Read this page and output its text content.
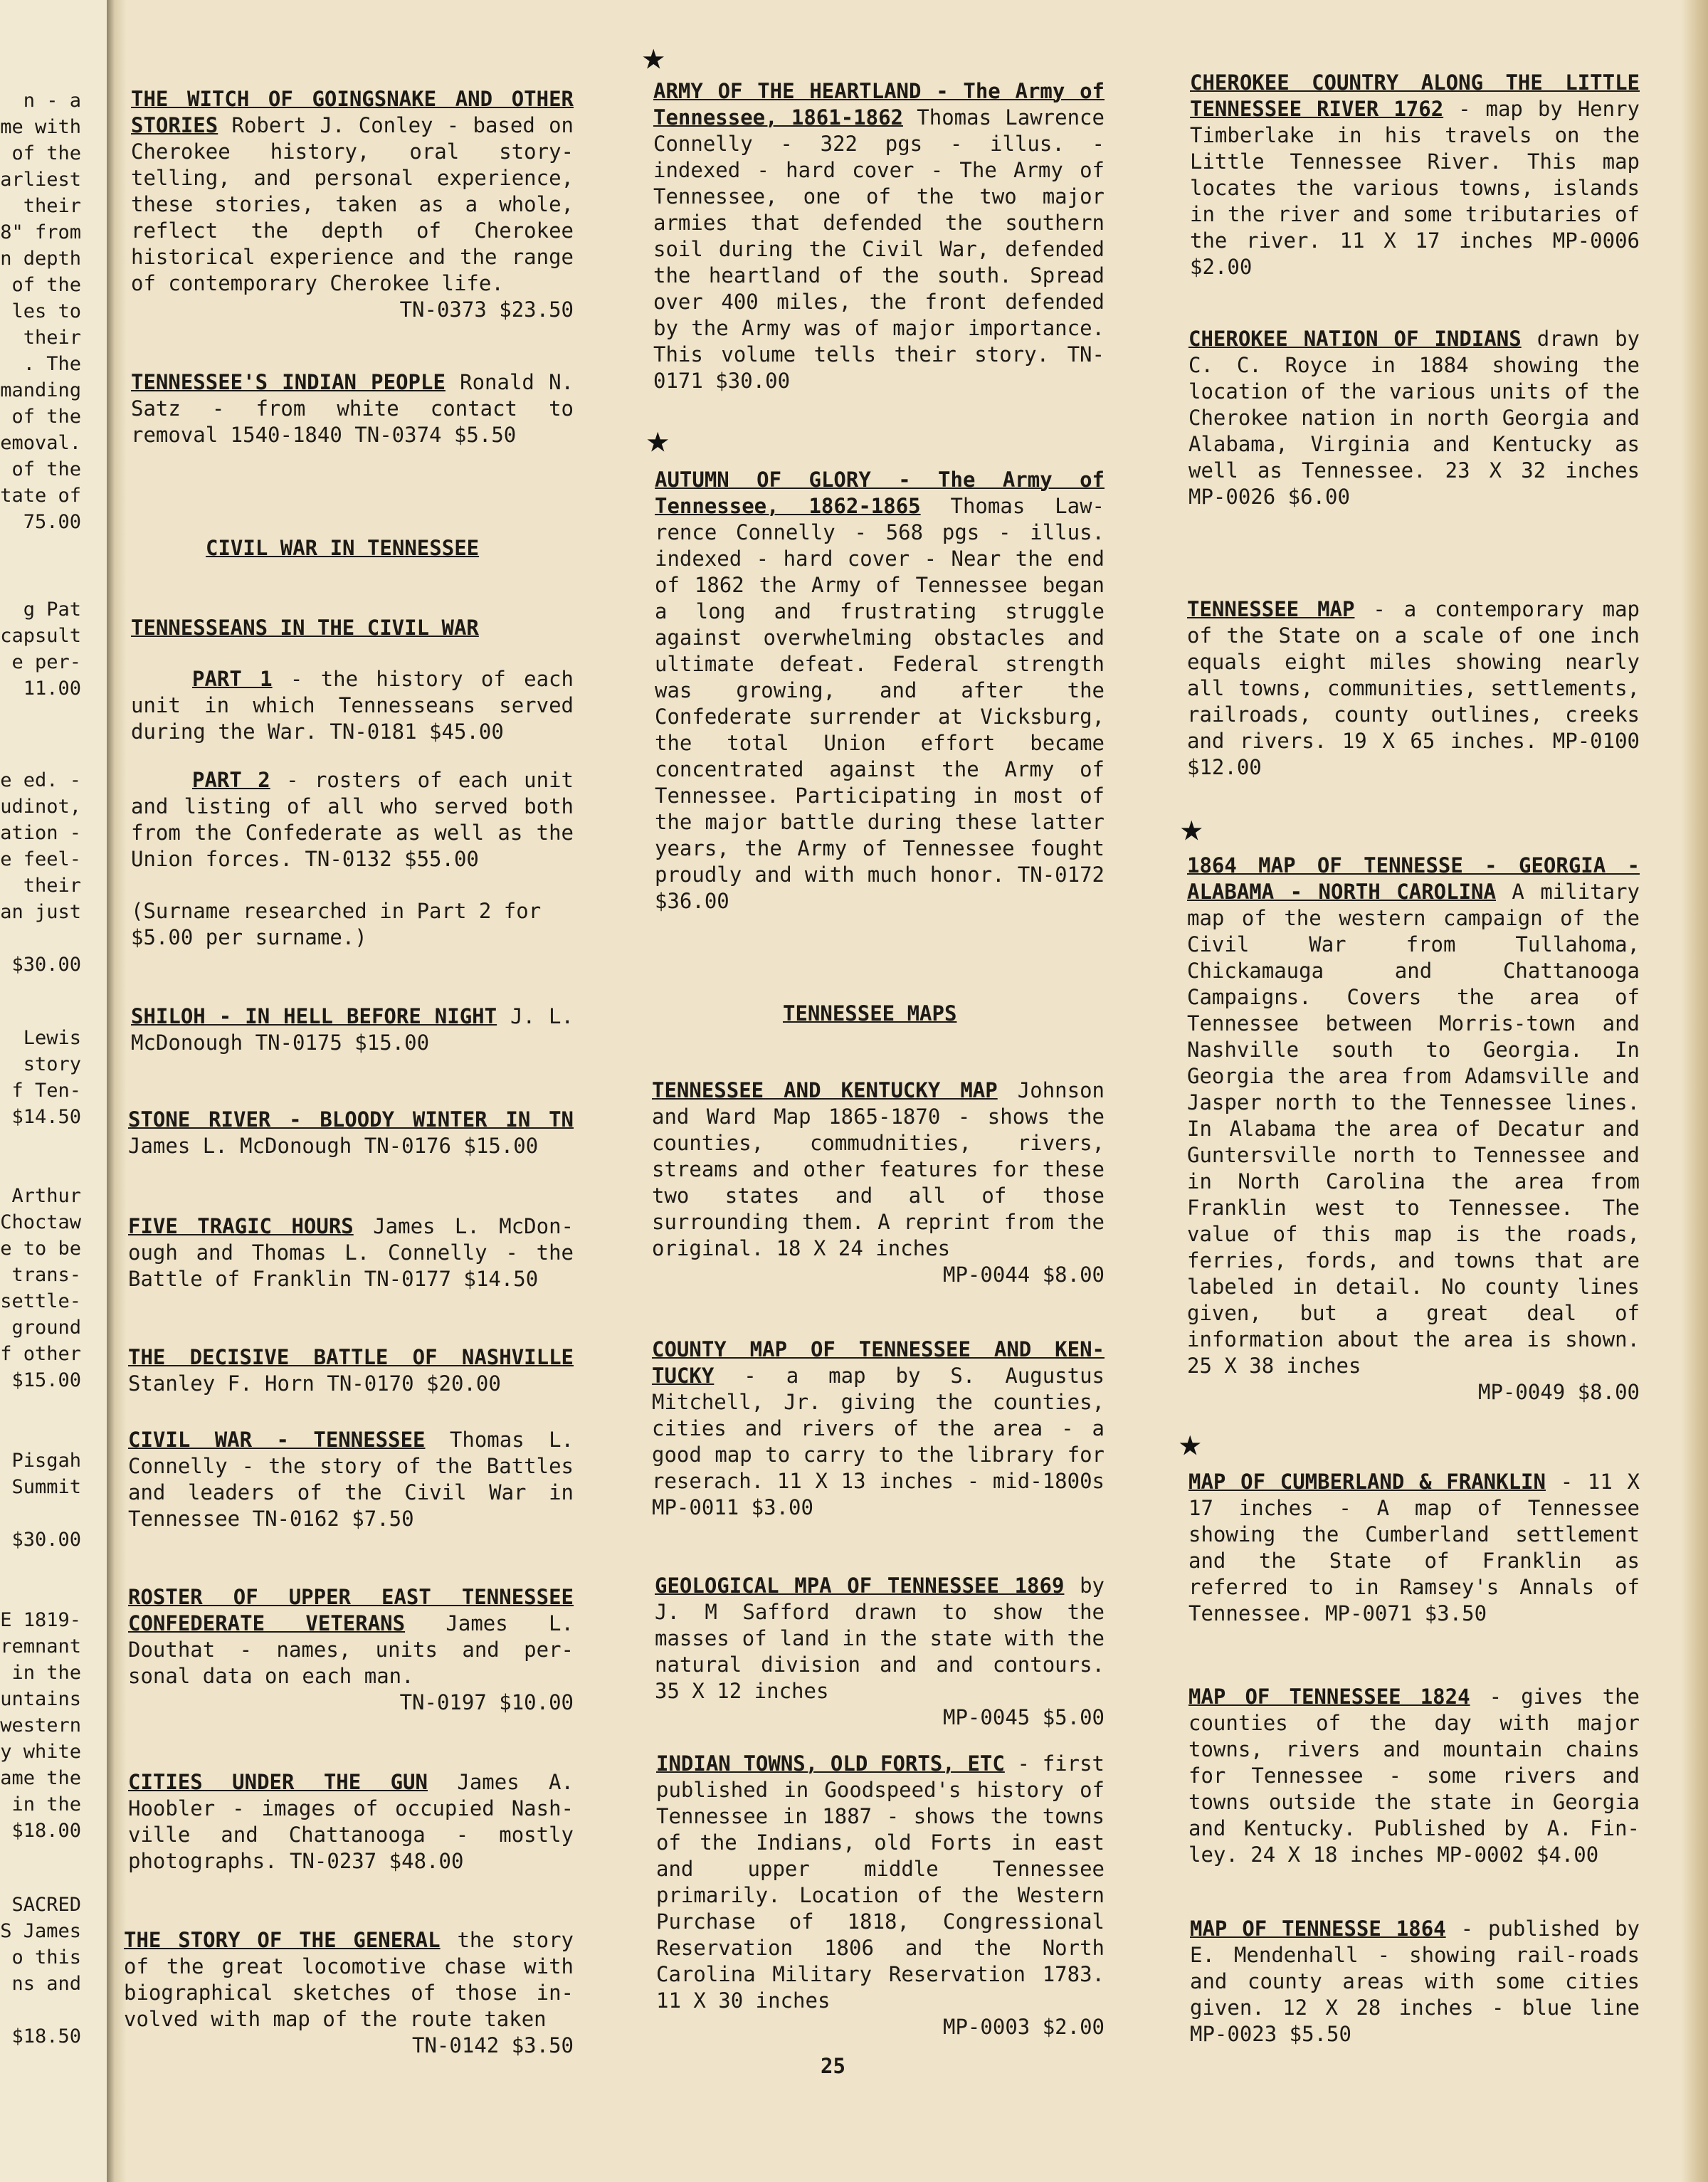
n - a
me with
of the
arliest
their
8" from
n depth
of the
les to
their
. The
manding
of the
emoval.
of the
tate of
75.00
g Pat
capsult
e per-
11.00
e ed. -
udinot,
ation -
e feel-
their
an just

$30.00
Lewis
story
f Ten-
$14.50
Arthur
Choctaw
e to be
trans-
settle-
ground
f other
$15.00
Pisgah
Summit

$30.00
E 1819-
remnant
in the
untains
western
y white
ame the
in the
$18.00
SACRED
S James
o this
ns and

$18.50
THE WITCH OF GOINGSNAKE AND OTHER STORIES Robert J. Conley - based on Cherokee history, oral story-telling, and personal experience, these stories, taken as a whole, reflect the depth of Cherokee historical experience and the range of contemporary Cherokee life.
TN-0373 $23.50
TENNESSEE'S INDIAN PEOPLE Ronald N. Satz - from white contact to removal 1540-1840 TN-0374 $5.50
CIVIL WAR IN TENNESSEE
TENNESSEANS IN THE CIVIL WAR
PART 1 - the history of each unit in which Tennesseans served during the War. TN-0181 $45.00
PART 2 - rosters of each unit and listing of all who served both from the Confederate as well as the Union forces. TN-0132 $55.00
(Surname researched in Part 2 for $5.00 per surname.)
SHILOH - IN HELL BEFORE NIGHT J. L. McDonough TN-0175 $15.00
STONE RIVER - BLOODY WINTER IN TN James L. McDonough TN-0176 $15.00
FIVE TRAGIC HOURS James L. McDon-ough and Thomas L. Connelly - the Battle of Franklin TN-0177 $14.50
THE DECISIVE BATTLE OF NASHVILLE Stanley F. Horn TN-0170 $20.00
CIVIL WAR - TENNESSEE Thomas L. Connelly - the story of the Battles and leaders of the Civil War in Tennessee TN-0162 $7.50
ROSTER OF UPPER EAST TENNESSEE CONFEDERATE VETERANS James L. Douthat - names, units and per-sonal data on each man.
TN-0197 $10.00
CITIES UNDER THE GUN James A. Hoobler - images of occupied Nash-ville and Chattanooga - mostly photographs. TN-0237 $48.00
THE STORY OF THE GENERAL the story of the great locomotive chase with biographical sketches of those in-volved with map of the route taken
TN-0142 $3.50
★
ARMY OF THE HEARTLAND - The Army of Tennessee, 1861-1862 Thomas Lawrence Connelly - 322 pgs - illus. - indexed - hard cover - The Army of Tennessee, one of the two major armies that defended the southern soil during the Civil War, defended the heartland of the south. Spread over 400 miles, the front defended by the Army was of major importance. This volume tells their story. TN-0171 $30.00
★
AUTUMN OF GLORY - The Army of Tennessee, 1862-1865 Thomas Law-rence Connelly - 568 pgs - illus. indexed - hard cover - Near the end of 1862 the Army of Tennessee began a long and frustrating struggle against overwhelming obstacles and ultimate defeat. Federal strength was growing, and after the Confederate surrender at Vicksburg, the total Union effort became concentrated against the Army of Tennessee. Participating in most of the major battle during these latter years, the Army of Tennessee fought proudly and with much honor. TN-0172 $36.00
TENNESSEE MAPS
TENNESSEE AND KENTUCKY MAP Johnson and Ward Map 1865-1870 - shows the counties, commudnities, rivers, streams and other features for these two states and all of those surrounding them. A reprint from the original. 18 X 24 inches
MP-0044 $8.00
COUNTY MAP OF TENNESSEE AND KEN-TUCKY - a map by S. Augustus Mitchell, Jr. giving the counties, cities and rivers of the area - a good map to carry to the library for reserach. 11 X 13 inches - mid-1800s MP-0011 $3.00
GEOLOGICAL MPA OF TENNESSEE 1869 by J. M Safford drawn to show the masses of land in the state with the natural division and and contours. 35 X 12 inches
MP-0045 $5.00
INDIAN TOWNS, OLD FORTS, ETC - first published in Goodspeed's history of Tennessee in 1887 - shows the towns of the Indians, old Forts in east and upper middle Tennessee primarily. Location of the Western Purchase of 1818, Congressional Reservation 1806 and the North Carolina Military Reservation 1783. 11 X 30 inches
MP-0003 $2.00
25
CHEROKEE COUNTRY ALONG THE LITTLE TENNESSEE RIVER 1762 - map by Henry Timberlake in his travels on the Little Tennessee River. This map locates the various towns, islands in the river and some tributaries of the river. 11 X 17 inches MP-0006 $2.00
CHEROKEE NATION OF INDIANS drawn by C. C. Royce in 1884 showing the location of the various units of the Cherokee nation in north Georgia and Alabama, Virginia and Kentucky as well as Tennessee. 23 X 32 inches MP-0026 $6.00
TENNESSEE MAP - a contemporary map of the State on a scale of one inch equals eight miles showing nearly all towns, communities, settlements, railroads, county outlines, creeks and rivers. 19 X 65 inches. MP-0100 $12.00
★
1864 MAP OF TENNESSE - GEORGIA - ALABAMA - NORTH CAROLINA A military map of the western campaign of the Civil War from Tullahoma, Chickamauga and Chattanooga Campaigns. Covers the area of Tennessee between Morris-town and Nashville south to Georgia. In Georgia the area from Adamsville and Jasper north to the Tennessee lines. In Alabama the area of Decatur and Guntersville north to Tennessee and in North Carolina the area from Franklin west to Tennessee. The value of this map is the roads, ferries, fords, and towns that are labeled in detail. No county lines given, but a great deal of information about the area is shown. 25 X 38 inches
MP-0049 $8.00
★
MAP OF CUMBERLAND & FRANKLIN - 11 X 17 inches - A map of Tennessee showing the Cumberland settlement and the State of Franklin as referred to in Ramsey's Annals of Tennessee. MP-0071 $3.50
MAP OF TENNESSEE 1824 - gives the counties of the day with major towns, rivers and mountain chains for Tennessee - some rivers and towns outside the state in Georgia and Kentucky. Published by A. Fin-ley. 24 X 18 inches MP-0002 $4.00
MAP OF TENNESSE 1864 - published by E. Mendenhall - showing rail-roads and county areas with some cities given. 12 X 28 inches - blue line MP-0023 $5.50
